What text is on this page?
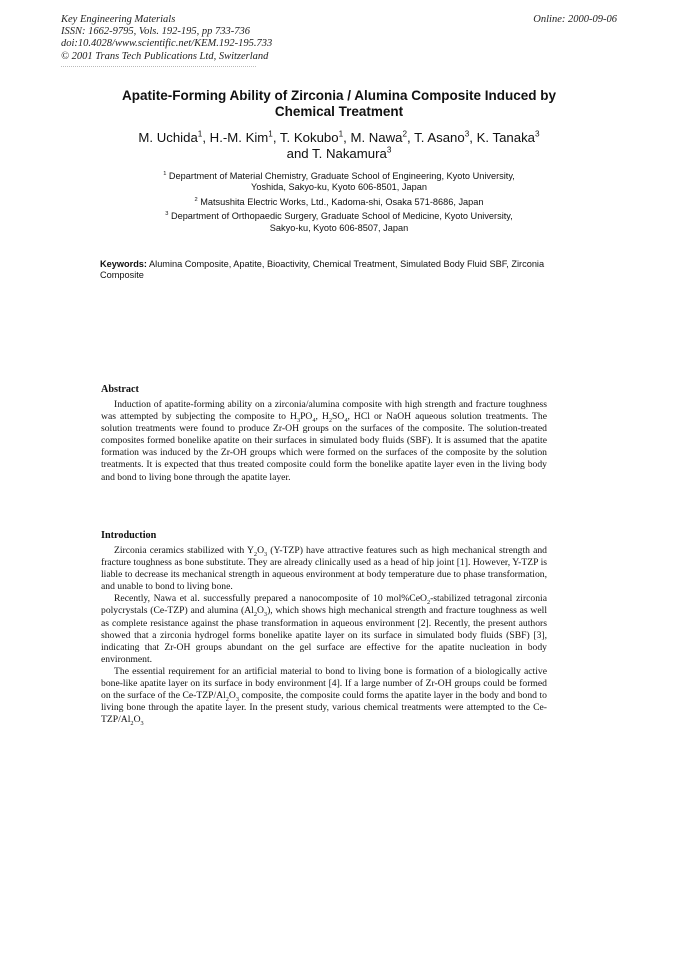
Key Engineering Materials
ISSN: 1662-9795, Vols. 192-195, pp 733-736
doi:10.4028/www.scientific.net/KEM.192-195.733
© 2001 Trans Tech Publications Ltd, Switzerland
Online: 2000-09-06
Apatite-Forming Ability of Zirconia / Alumina Composite Induced by Chemical Treatment
M. Uchida$^1$, H.-M. Kim$^1$, T. Kokubo$^1$, M. Nawa$^2$, T. Asano$^3$, K. Tanaka$^3$
and T. Nakamura$^3$
$^1$ Department of Material Chemistry, Graduate School of Engineering, Kyoto University,
Yoshida, Sakyo-ku, Kyoto 606-8501, Japan
$^2$ Matsushita Electric Works, Ltd., Kadoma-shi, Osaka 571-8686, Japan
$^3$ Department of Orthopaedic Surgery, Graduate School of Medicine, Kyoto University,
Sakyo-ku, Kyoto 606-8507, Japan
Keywords: Alumina Composite, Apatite, Bioactivity, Chemical Treatment, Simulated Body Fluid SBF, Zirconia Composite
Abstract

Induction of apatite-forming ability on a zirconia/alumina composite with high strength and fracture toughness was attempted by subjecting the composite to $H_3PO_4$, $H_2SO_4$, HCl or NaOH aqueous solution treatments. The solution treatments were found to produce Zr-OH groups on the surfaces of the composite. The solution-treated composites formed bonelike apatite on their surfaces in simulated body fluids (SBF). It is assumed that the apatite formation was induced by the Zr-OH groups which were formed on the surfaces of the composite by the solution treatments. It is expected that thus treated composite could form the bonelike apatite layer even in the living body and bond to living bone through the apatite layer.

Introduction

Zirconia ceramics stabilized with $Y_2O_3$ (Y-TZP) have attractive features such as high mechanical strength and fracture toughness as bone substitute. They are already clinically used as a head of hip joint [1]. However, Y-TZP is liable to decrease its mechanical strength in aqueous environment at body temperature due to phase transformation, and unable to bond to living bone.

Recently, Nawa et al. successfully prepared a nanocomposite of 10 mol%CeO$_2$-stabilized tetragonal zirconia polycrystals (Ce-TZP) and alumina $(Al_2O_3)$, which shows high mechanical strength and fracture toughness as well as complete resistance against the phase transformation in aqueous environment [2]. Recently, the present authors showed that a zirconia hydrogel forms bonelike apatite layer on its surface in simulated body fluids (SBF) [3], indicating that Zr-OH groups abundant on the gel surface are effective for the apatite nucleation in body environment.

The essential requirement for an artificial material to bond to living bone is formation of a biologically active bone-like apatite layer on its surface in body environment [4]. If a large number of Zr-OH groups could be formed on the surface of the $Ce-TZP/Al_2O_3$ composite, the composite could forms the apatite layer in the body and bond to living bone through the apatite layer. In the present study, various chemical treatments were attempted to the $Ce-TZP/Al_2O_3$
